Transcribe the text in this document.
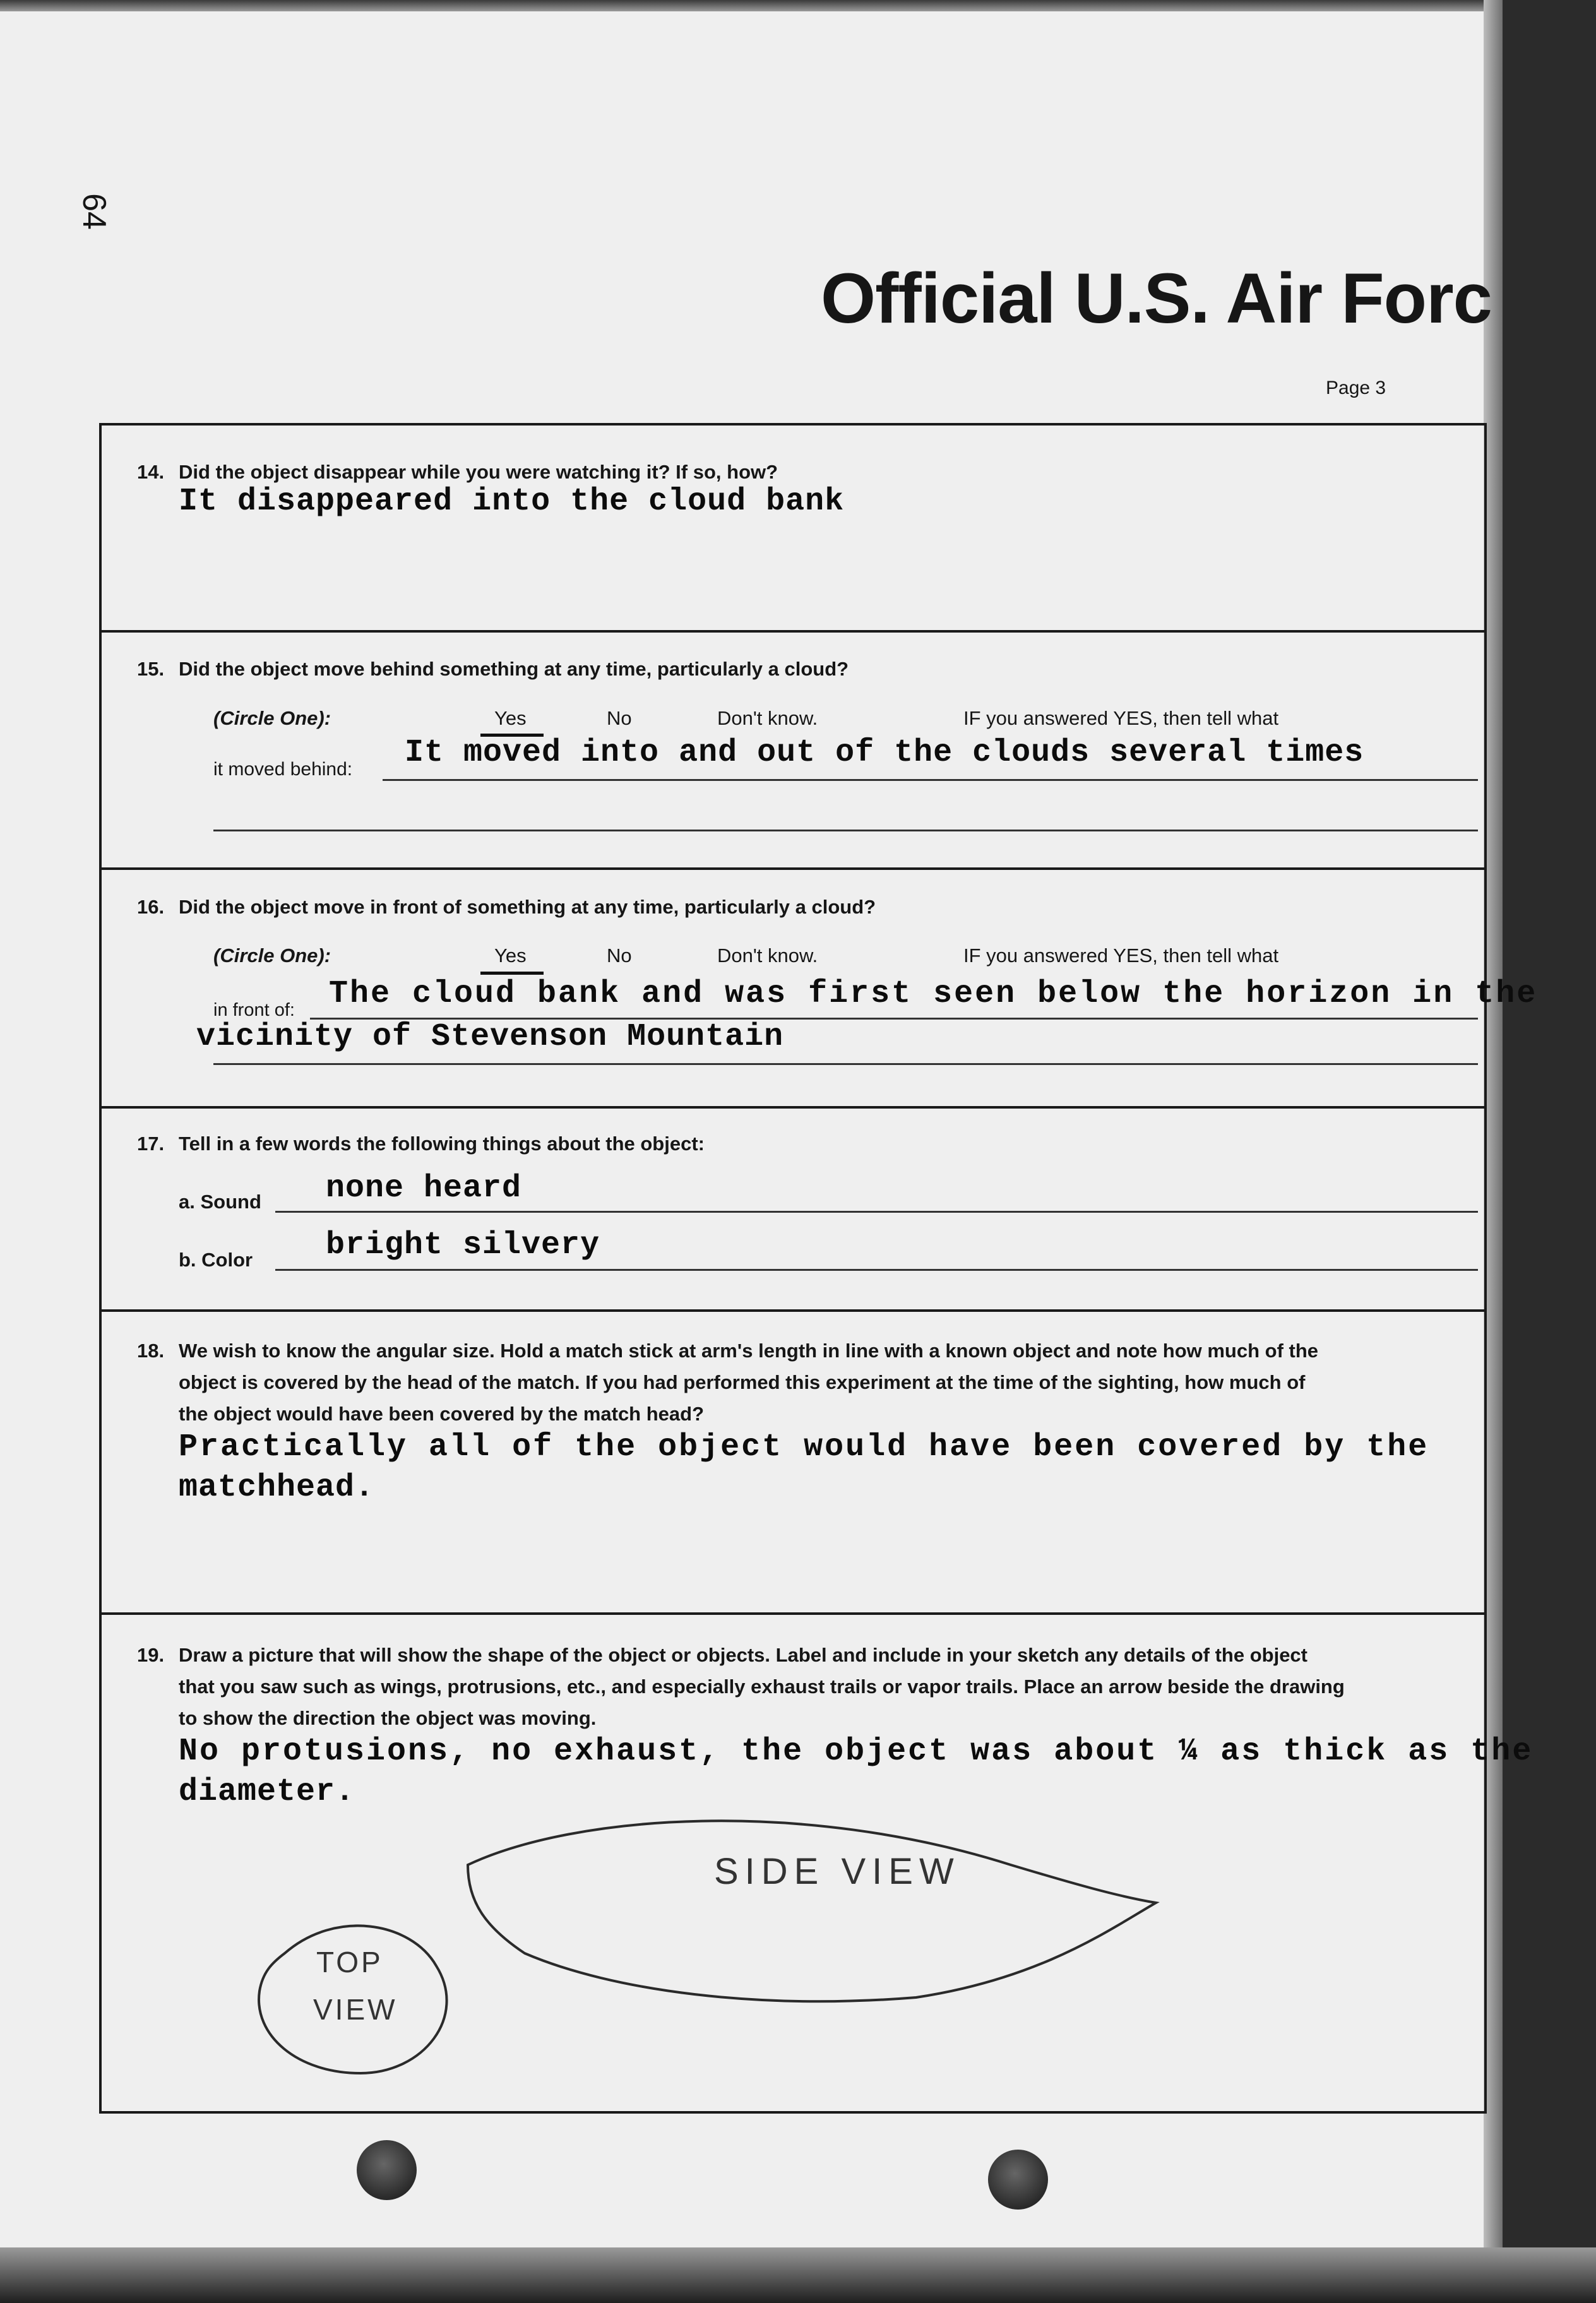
64
Official U.S. Air Forc
Page 3
14. Did the object disappear while you were watching it? If so, how?
It disappeared into the cloud bank
15. Did the object move behind something at any time, particularly a cloud?
(Circle One):	Yes	No	Don't know.	IF you answered YES, then tell what
it moved behind: It moved into and out of the clouds several times
16. Did the object move in front of something at any time, particularly a cloud?
(Circle One):	Yes	No	Don't know.	IF you answered YES, then tell what
in front of: The cloud bank and was first seen below the horizon in the
vicinity of Stevenson Mountain
17. Tell in a few words the following things about the object:
a. Sound none heard
b. Color bright silvery
18. We wish to know the angular size. Hold a match stick at arm's length in line with a known object and note how much of the
object is covered by the head of the match. If you had performed this experiment at the time of the sighting, how much of
the object would have been covered by the match head?
Practically all of the object would have been covered by the
matchhead.
19. Draw a picture that will show the shape of the object or objects. Label and include in your sketch any details of the object
that you saw such as wings, protrusions, etc., and especially exhaust trails or vapor trails. Place an arrow beside the drawing
to show the direction the object was moving.
No protusions, no exhaust, the object was about ¼ as thick as the
diameter.
SIDE VIEW
TOP
VIEW
